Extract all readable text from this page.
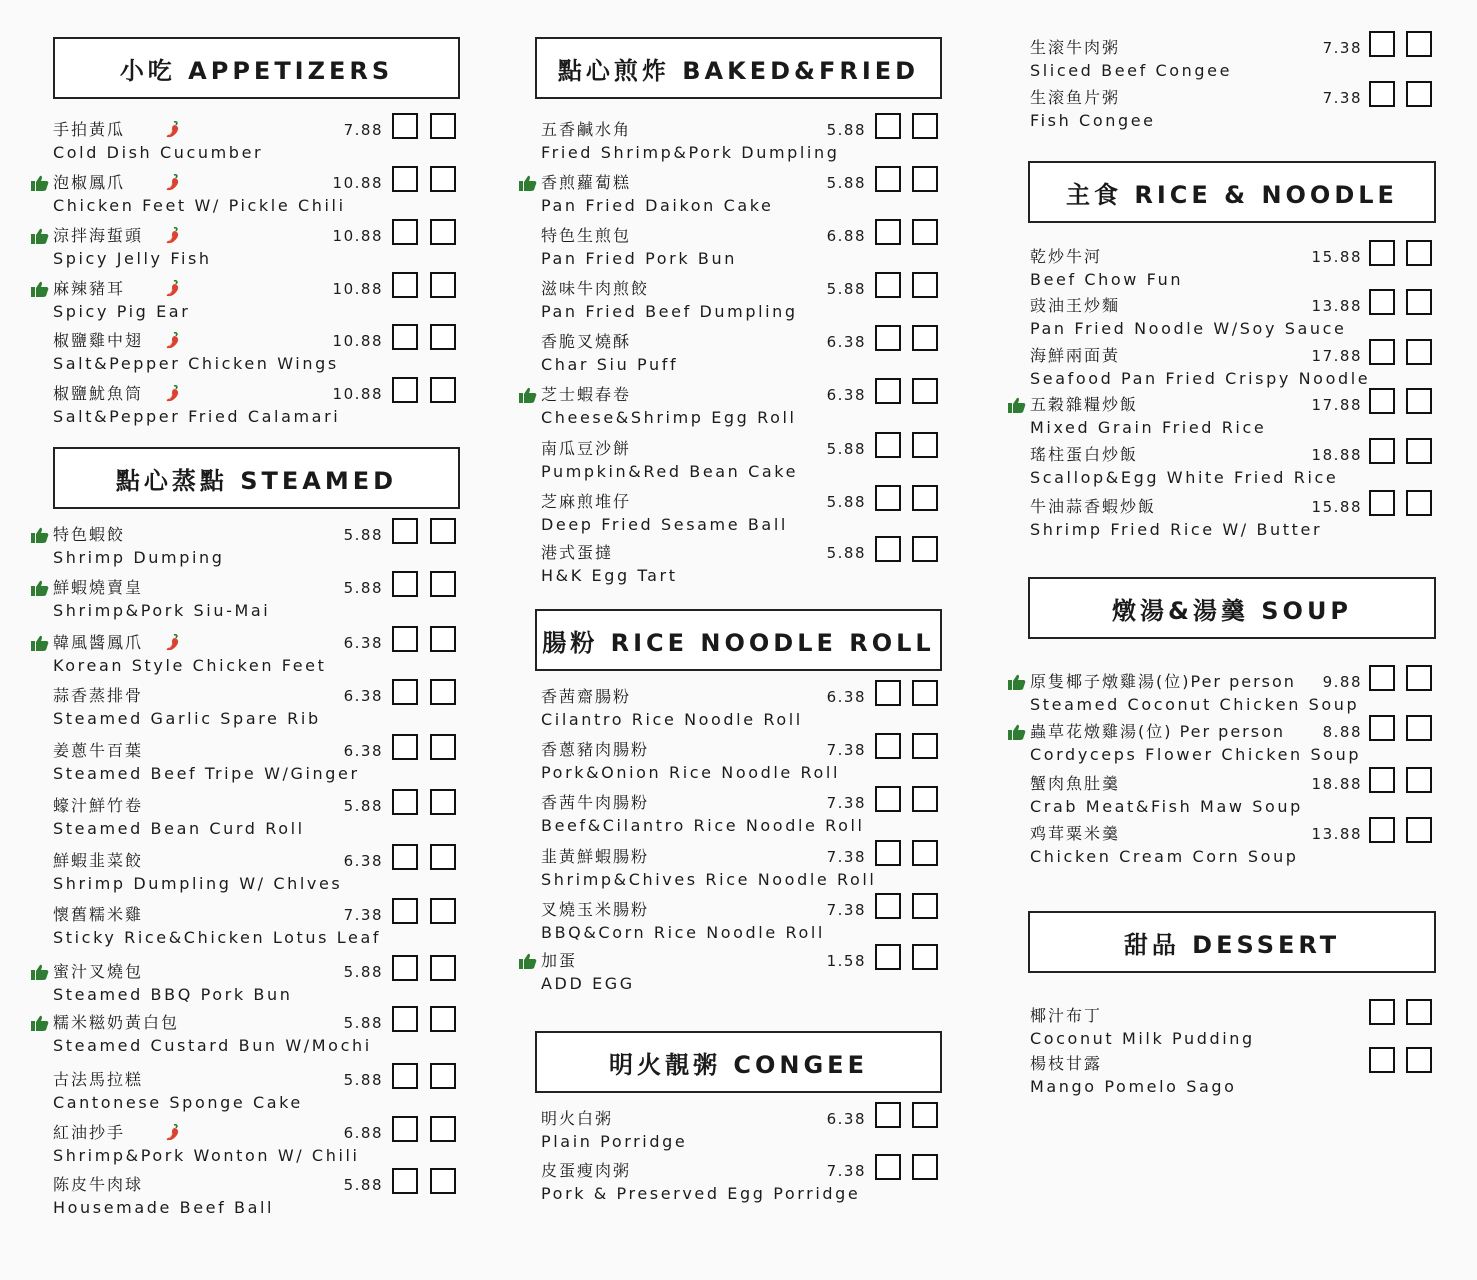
小吃 APPETIZERS
手拍黃瓜
Cold Dish Cucumber
7.88
泡椒鳳爪
Chicken Feet W/ Pickle Chili
10.88
涼拌海蜇頭
Spicy Jelly Fish
10.88
麻辣豬耳
Spicy Pig Ear
10.88
椒鹽雞中翅
Salt&Pepper Chicken Wings
10.88
椒鹽魷魚筒
Salt&Pepper Fried Calamari
10.88
點心蒸點 STEAMED
特色蝦餃
Shrimp Dumping
5.88
鮮蝦燒賣皇
Shrimp&Pork Siu-Mai
5.88
韓風醬鳳爪
Korean Style Chicken Feet
6.38
蒜香蒸排骨
Steamed Garlic Spare Rib
6.38
姜蔥牛百葉
Steamed Beef Tripe W/Ginger
6.38
蠔汁鮮竹卷
Steamed Bean Curd Roll
5.88
鮮蝦韭菜餃
Shrimp Dumpling W/ Chlves
6.38
懷舊糯米雞
Sticky Rice&Chicken Lotus Leaf
7.38
蜜汁叉燒包
Steamed BBQ Pork Bun
5.88
糯米糍奶黃白包
Steamed Custard Bun W/Mochi
5.88
古法馬拉糕
Cantonese Sponge Cake
5.88
紅油抄手
Shrimp&Pork Wonton W/ Chili
6.88
陈皮牛肉球
Housemade Beef Ball
5.88
點心煎炸 BAKED&FRIED
五香鹹水角
Fried Shrimp&Pork Dumpling
5.88
香煎蘿蔔糕
Pan Fried Daikon Cake
5.88
特色生煎包
Pan Fried Pork Bun
6.88
滋味牛肉煎餃
Pan Fried Beef Dumpling
5.88
香脆叉燒酥
Char Siu Puff
6.38
芝士蝦春卷
Cheese&Shrimp Egg Roll
6.38
南瓜豆沙餅
Pumpkin&Red Bean Cake
5.88
芝麻煎堆仔
Deep Fried Sesame Ball
5.88
港式蛋撻
H&K Egg Tart
5.88
腸粉 RICE NOODLE ROLL
香茜齋腸粉
Cilantro Rice Noodle Roll
6.38
香蔥豬肉腸粉
Pork&Onion Rice Noodle Roll
7.38
香茜牛肉腸粉
Beef&Cilantro Rice Noodle Roll
7.38
韭黃鮮蝦腸粉
Shrimp&Chives Rice Noodle Roll
7.38
叉燒玉米腸粉
BBQ&Corn Rice Noodle Roll
7.38
加蛋
ADD EGG
1.58
明火靚粥 CONGEE
明火白粥
Plain Porridge
6.38
皮蛋瘦肉粥
Pork & Preserved Egg Porridge
7.38
生滚牛肉粥
Sliced Beef Congee
7.38
生滚鱼片粥
Fish Congee
7.38
主食 RICE & NOODLE
乾炒牛河
Beef Chow Fun
15.88
豉油王炒麵
Pan Fried Noodle W/Soy Sauce
13.88
海鮮兩面黃
Seafood Pan Fried Crispy Noodle
17.88
五穀雜糧炒飯
Mixed Grain Fried Rice
17.88
瑤柱蛋白炒飯
Scallop&Egg White Fried Rice
18.88
牛油蒜香蝦炒飯
Shrimp Fried Rice W/ Butter
15.88
燉湯&湯羹 SOUP
原隻椰子燉雞湯(位)Per person
Steamed Coconut Chicken Soup
9.88
蟲草花燉雞湯(位) Per person
Cordyceps Flower Chicken Soup
8.88
蟹肉魚肚羹
Crab Meat&Fish Maw Soup
18.88
鸡茸粟米羹
Chicken Cream Corn Soup
13.88
甜品 DESSERT
椰汁布丁
Coconut Milk Pudding
楊枝甘露
Mango Pomelo Sago
